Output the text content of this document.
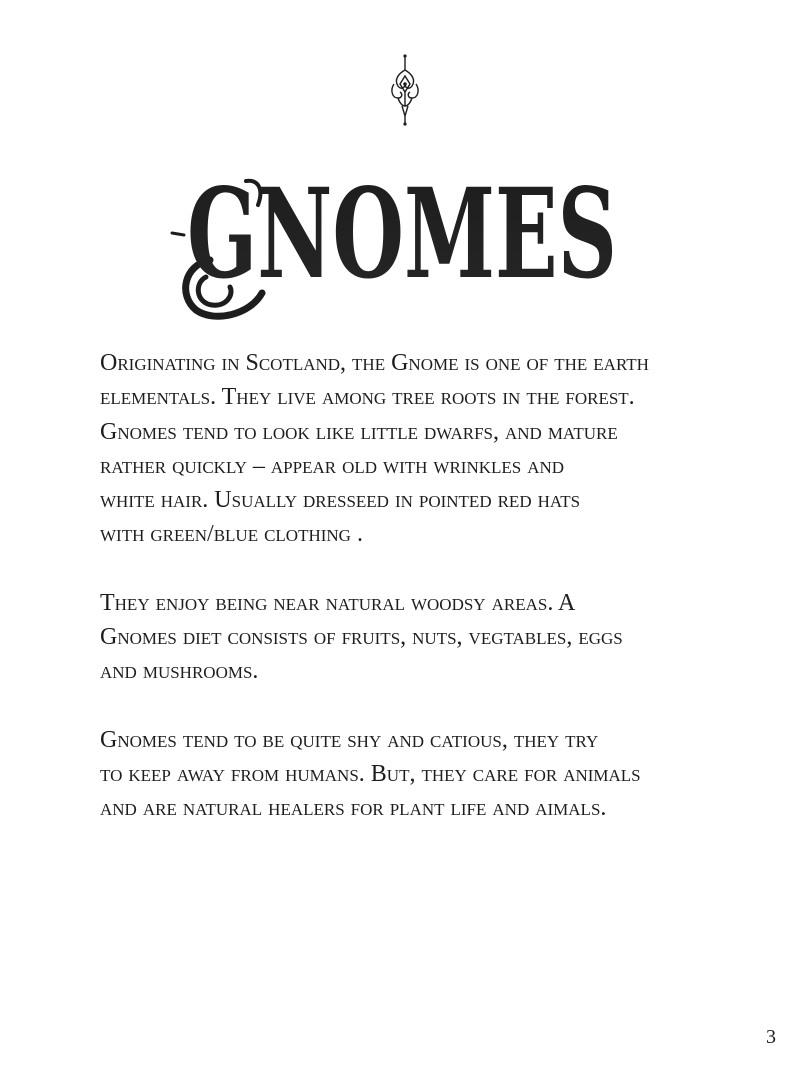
GNOMES

Originating in Scotland, the Gnome is one of the earth
elementals. They live among tree roots in the forest.
Gnomes tend to look like little dwarfs, and mature
rather quickly – appear old with wrinkles and
white hair. Usually dresseed in pointed red hats
with green/blue clothing .

They enjoy being near natural woodsy areas. A
Gnomes diet consists of fruits, nuts, vegtables, eggs
and mushrooms.

Gnomes tend to be quite shy and catious, they try
to keep away from humans. But, they care for animals
and are natural healers for plant life and aimals.

3
